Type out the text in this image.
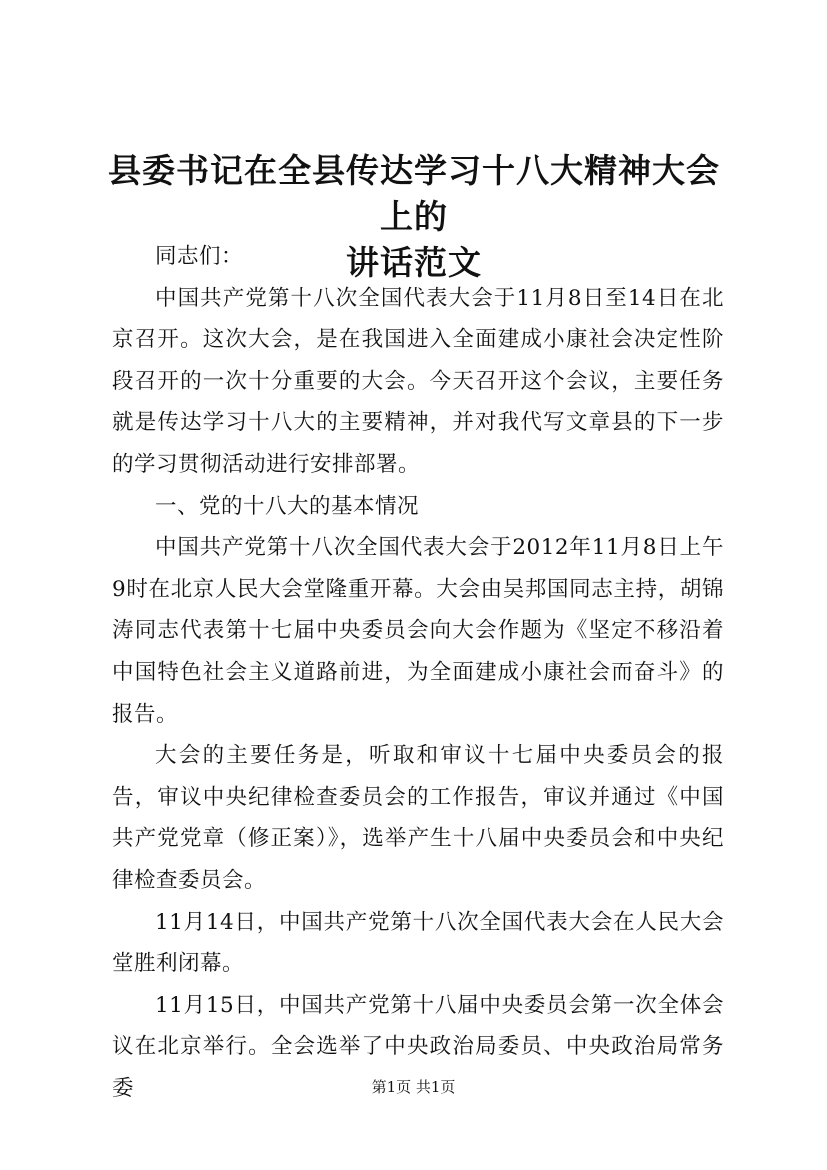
县委书记在全县传达学习十八大精神大会上的
讲话范文

同志们：

中国共产党第十八次全国代表大会于11月8日至14日在北京召开。这次大会，是在我国进入全面建成小康社会决定性阶段召开的一次十分重要的大会。今天召开这个会议，主要任务就是传达学习十八大的主要精神，并对我代写文章县的下一步的学习贯彻活动进行安排部署。

一、党的十八大的基本情况

中国共产党第十八次全国代表大会于2012年11月8日上午9时在北京人民大会堂隆重开幕。大会由吴邦国同志主持，胡锦涛同志代表第十七届中央委员会向大会作题为《坚定不移沿着中国特色社会主义道路前进，为全面建成小康社会而奋斗》的报告。

大会的主要任务是，听取和审议十七届中央委员会的报告，审议中央纪律检查委员会的工作报告，审议并通过《中国共产党党章（修正案）》，选举产生十八届中央委员会和中央纪律检查委员会。

11月14日，中国共产党第十八次全国代表大会在人民大会堂胜利闭幕。

11月15日，中国共产党第十八届中央委员会第一次全体会议在北京举行。全会选举了中央政治局委员、中央政治局常务委	第1页 共1页
